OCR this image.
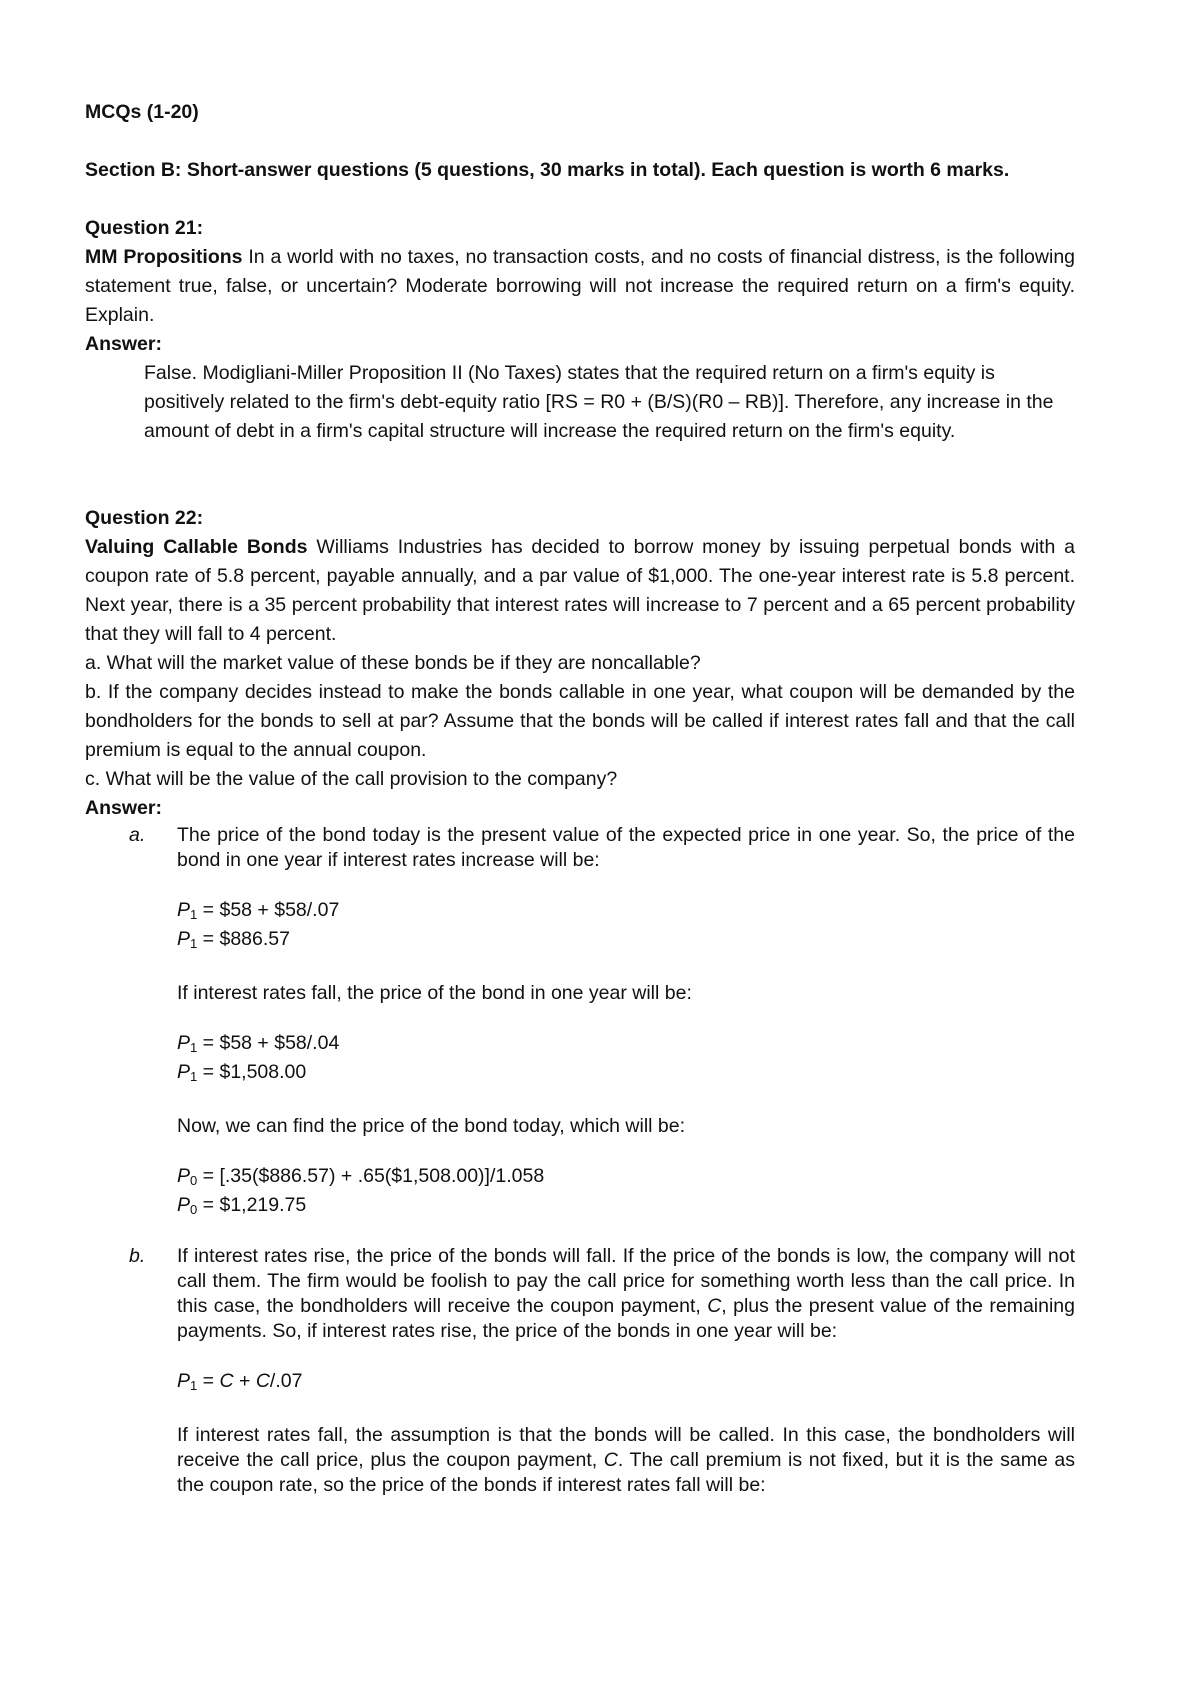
MCQs (1-20)

Section B: Short-answer questions (5 questions, 30 marks in total). Each question is worth 6 marks.

Question 21:

MM Propositions In a world with no taxes, no transaction costs, and no costs of financial distress, is the following statement true, false, or uncertain? Moderate borrowing will not increase the required return on a firm's equity. Explain.

Answer:

False. Modigliani-Miller Proposition II (No Taxes) states that the required return on a firm's equity is positively related to the firm's debt-equity ratio [RS = R0 + (B/S)(R0 – RB)]. Therefore, any increase in the amount of debt in a firm's capital structure will increase the required return on the firm's equity.

Question 22:

Valuing Callable Bonds Williams Industries has decided to borrow money by issuing perpetual bonds with a coupon rate of 5.8 percent, payable annually, and a par value of $1,000. The one-year interest rate is 5.8 percent. Next year, there is a 35 percent probability that interest rates will increase to 7 percent and a 65 percent probability that they will fall to 4 percent.

a. What will the market value of these bonds be if they are noncallable?

b. If the company decides instead to make the bonds callable in one year, what coupon will be demanded by the bondholders for the bonds to sell at par? Assume that the bonds will be called if interest rates fall and that the call premium is equal to the annual coupon.

c. What will be the value of the call provision to the company?

Answer:

a. The price of the bond today is the present value of the expected price in one year. So, the price of the bond in one year if interest rates increase will be:

$P_1$ = $58 + $58/.07

$P_1$ = $886.57

If interest rates fall, the price of the bond in one year will be:

$P_1$ = $58 + $58/.04

$P_1$ = $1,508.00

Now, we can find the price of the bond today, which will be:

$P_0$ = [.35($886.57) + .65($1,508.00)]/1.058

$P_0$ = $1,219.75

b. If interest rates rise, the price of the bonds will fall. If the price of the bonds is low, the company will not call them. The firm would be foolish to pay the call price for something worth less than the call price. In this case, the bondholders will receive the coupon payment, C, plus the present value of the remaining payments. So, if interest rates rise, the price of the bonds in one year will be:

$P_1 = C + C/.07$

If interest rates fall, the assumption is that the bonds will be called. In this case, the bondholders will receive the call price, plus the coupon payment, C. The call premium is not fixed, but it is the same as the coupon rate, so the price of the bonds if interest rates fall will be:
